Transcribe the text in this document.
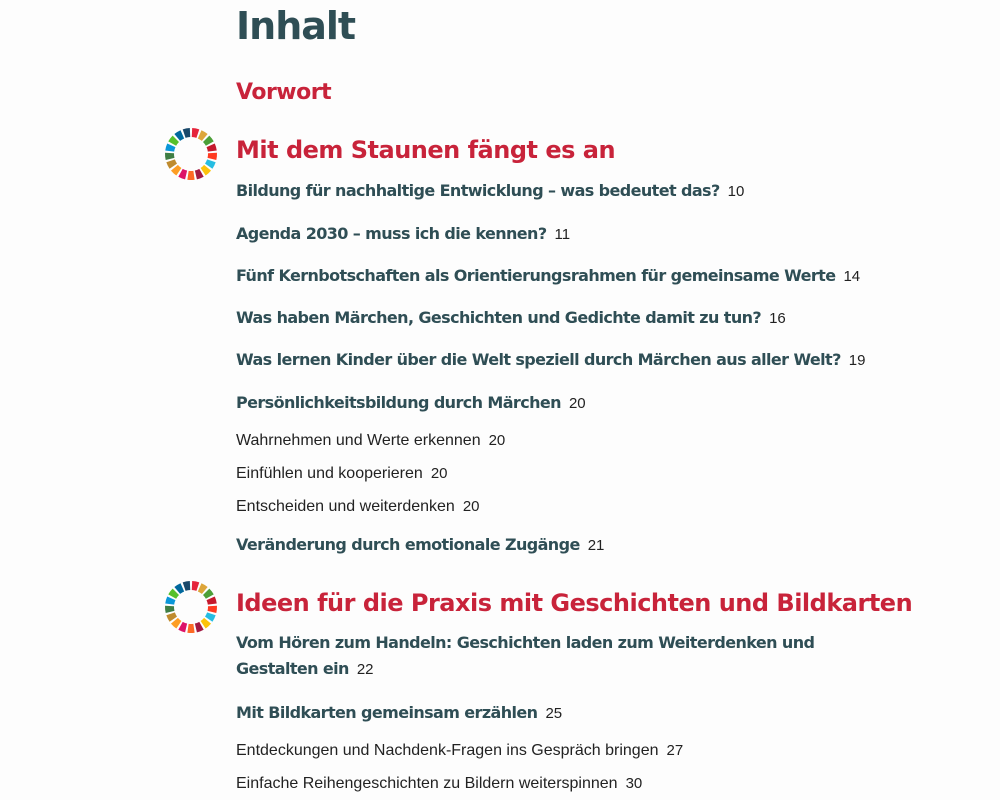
Inhalt
Vorwort
Mit dem Staunen fängt es an

Bildung für nachhaltige Entwicklung – was bedeutet das? 10

Agenda 2030 – muss ich die kennen? 11

Fünf Kernbotschaften als Orientierungsrahmen für gemeinsame Werte 14

Was haben Märchen, Geschichten und Gedichte damit zu tun? 16

Was lernen Kinder über die Welt speziell durch Märchen aus aller Welt? 19

Persönlichkeitsbildung durch Märchen 20

Wahrnehmen und Werte erkennen 20

Einfühlen und kooperieren 20

Entscheiden und weiterdenken 20

Veränderung durch emotionale Zugänge 21

Ideen für die Praxis mit Geschichten und Bildkarten

Vom Hören zum Handeln: Geschichten laden zum Weiterdenken und
Gestalten ein 22

Mit Bildkarten gemeinsam erzählen 25

Entdeckungen und Nachdenk-Fragen ins Gespräch bringen 27

Einfache Reihengeschichten zu Bildern weiterspinnen 30
